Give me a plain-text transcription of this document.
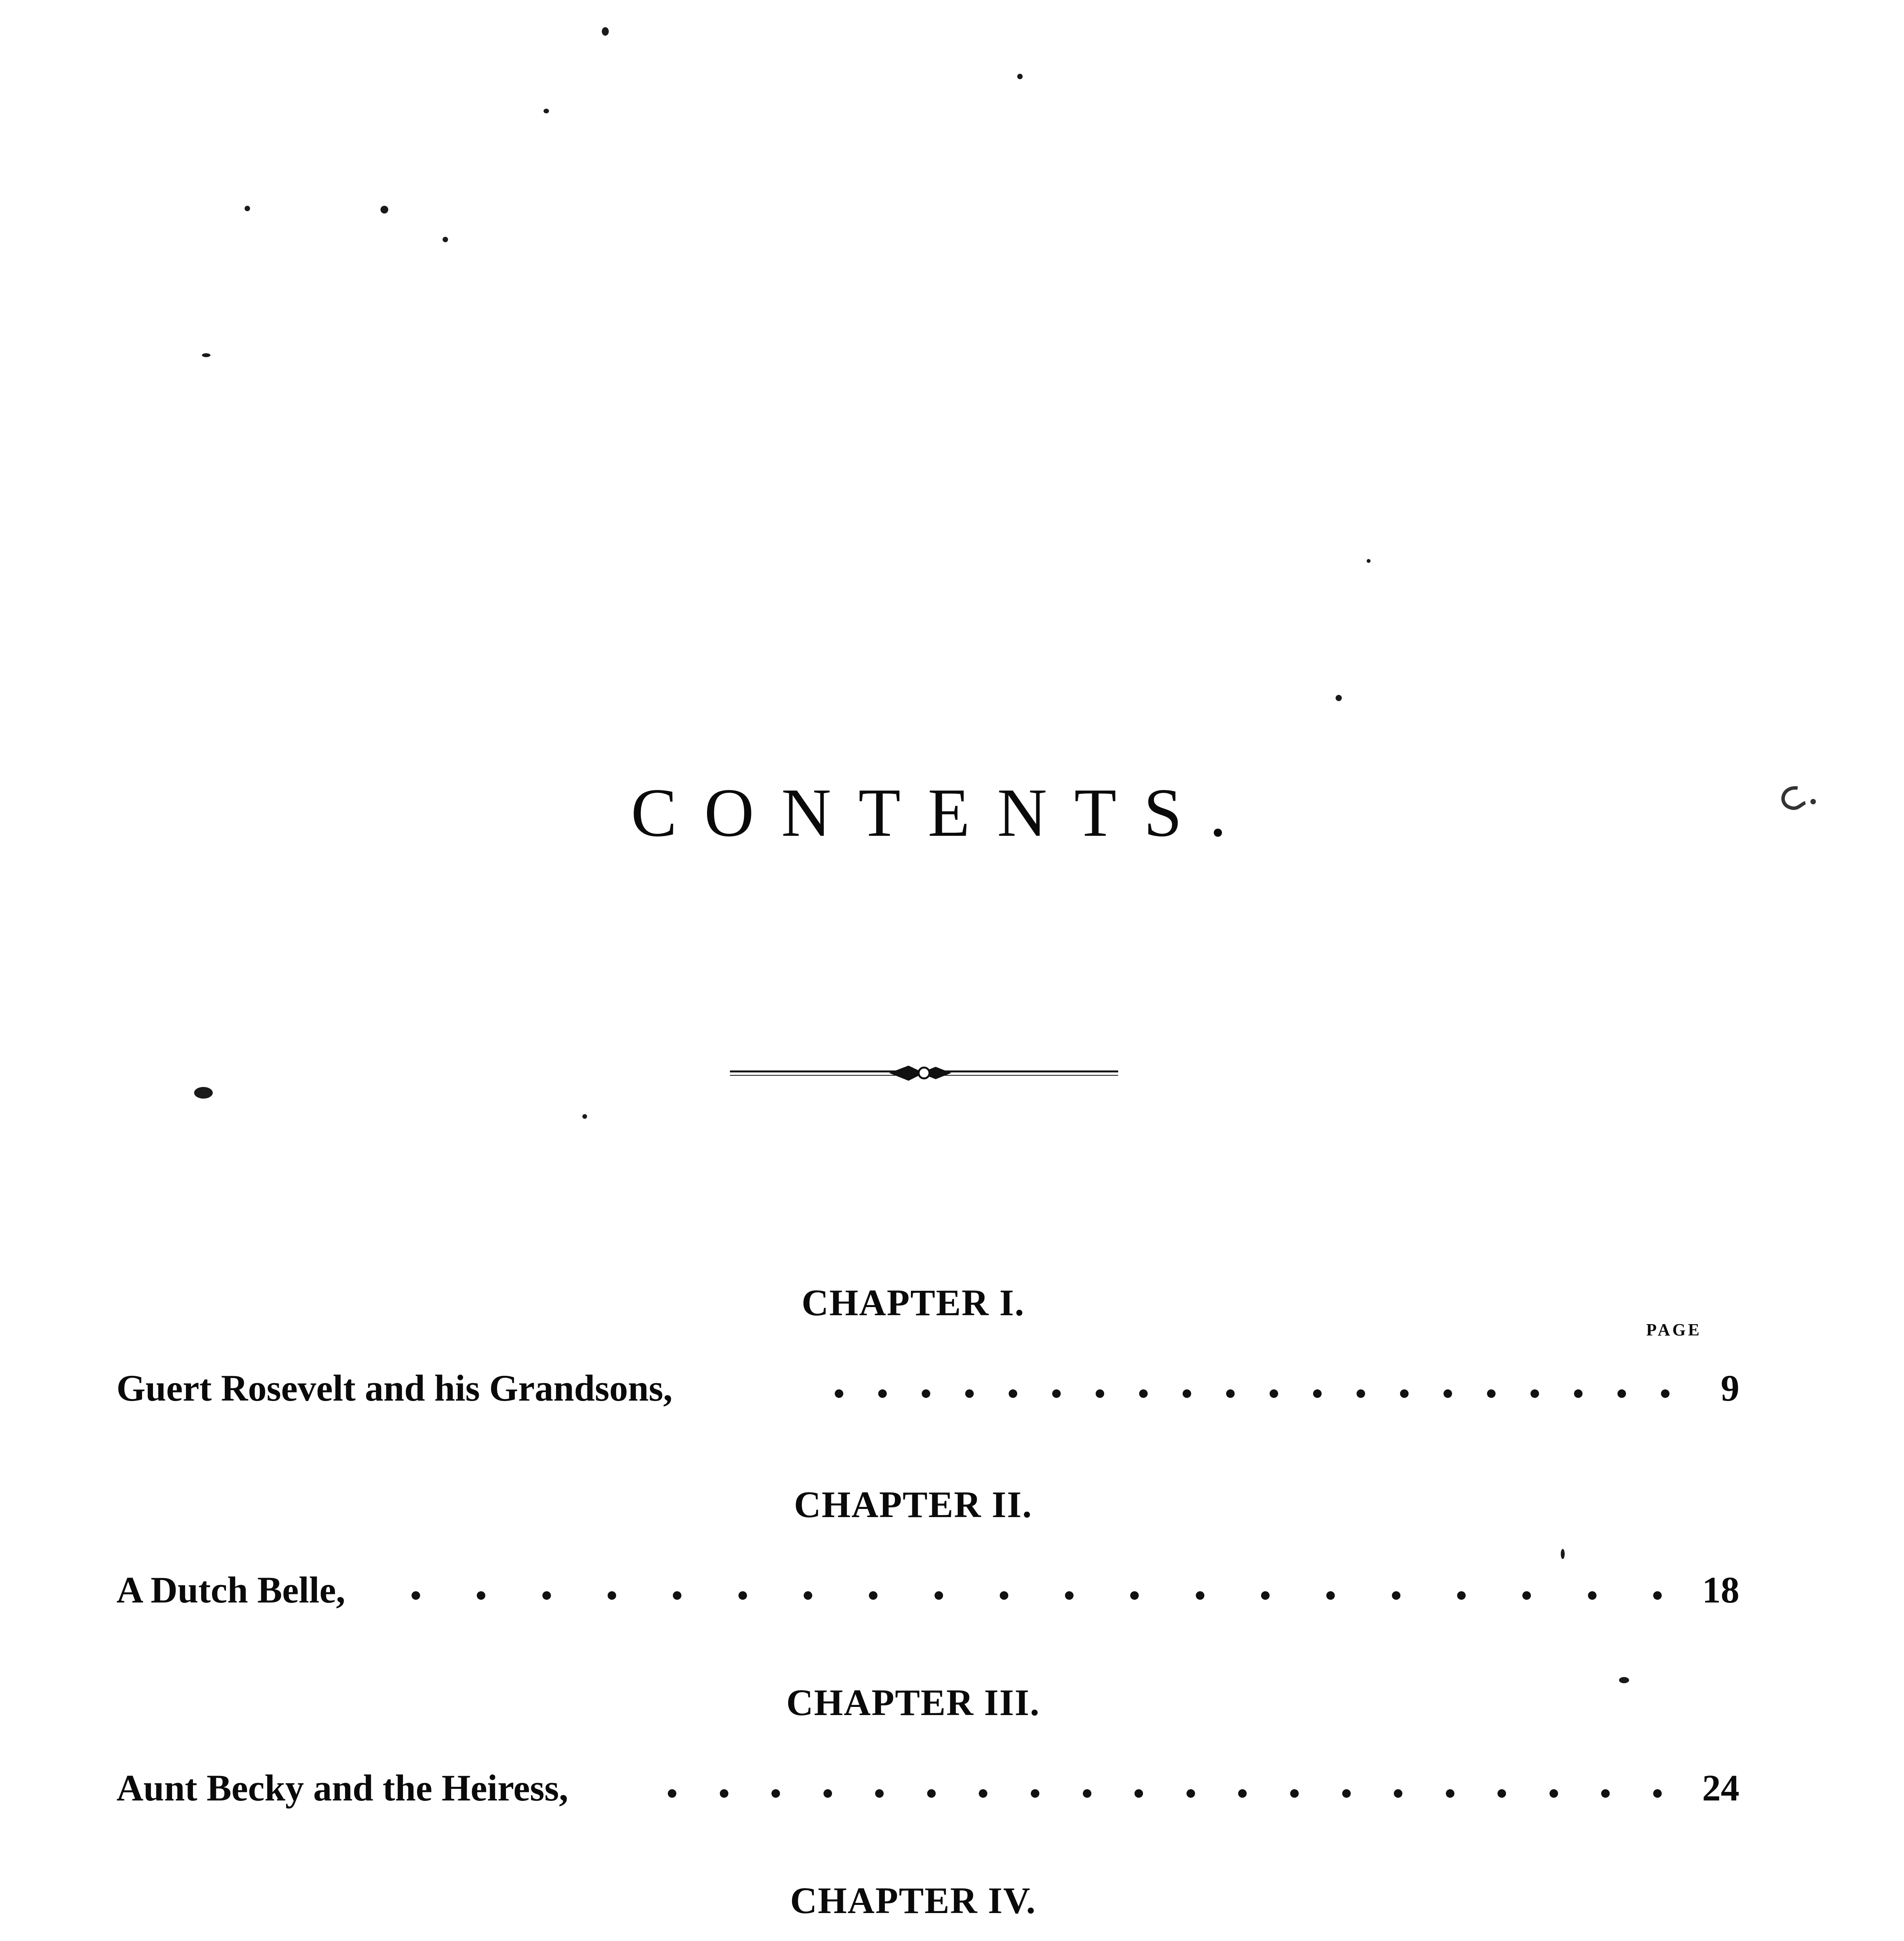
CONTENTS.
PAGE
CHAPTER I.
Guert Rosevelt and his Grandsons,	9
CHAPTER II.
A Dutch Belle,	18
CHAPTER III.
Aunt Becky and the Heiress,	24
CHAPTER IV.
